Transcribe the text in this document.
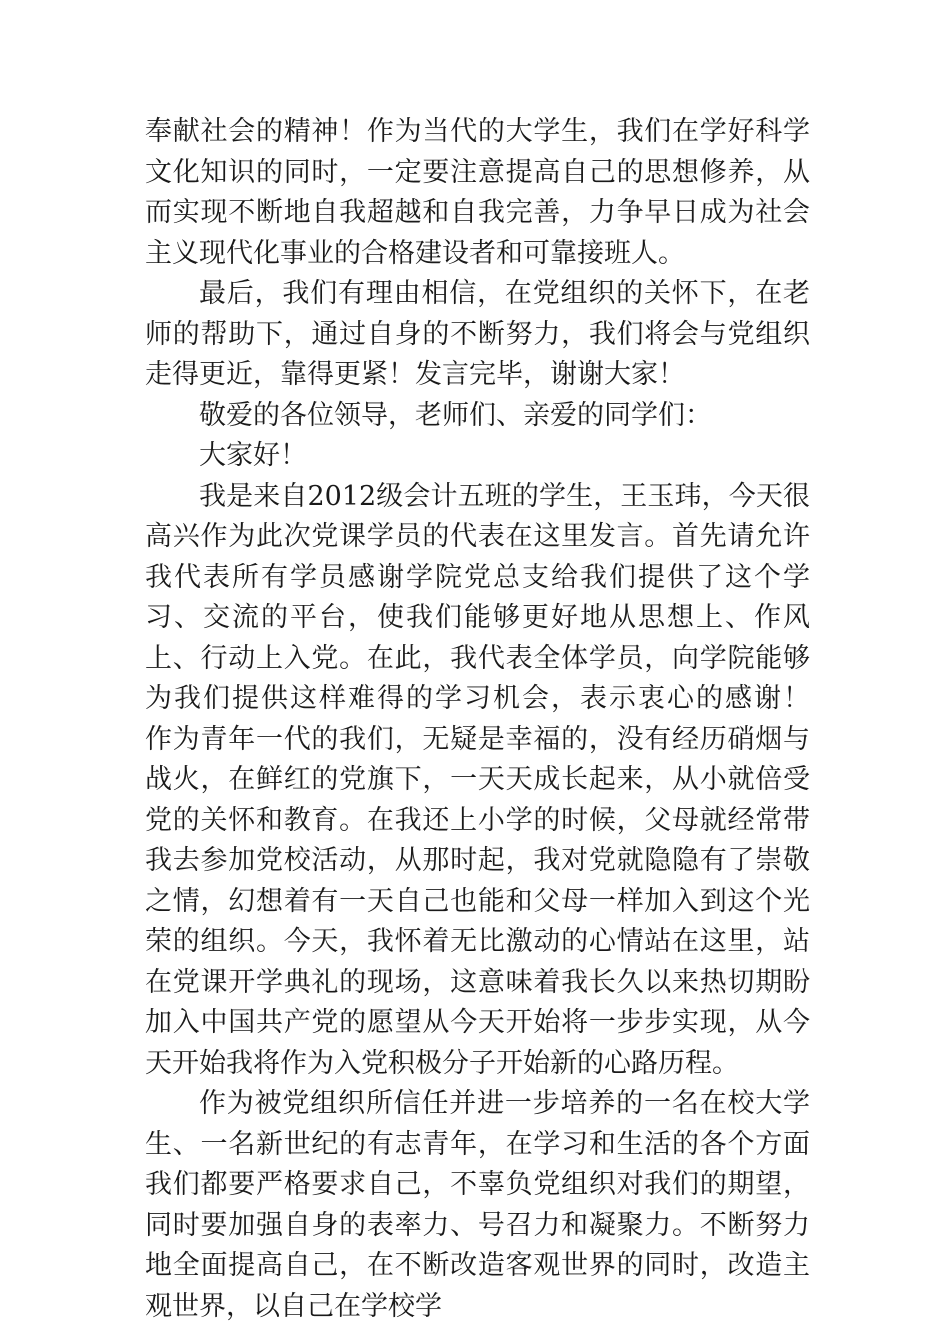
奉献社会的精神！作为当代的大学生，我们在学好科学文化知识的同时，一定要注意提高自己的思想修养，从而实现不断地自我超越和自我完善，力争早日成为社会主义现代化事业的合格建设者和可靠接班人。

最后，我们有理由相信，在党组织的关怀下，在老师的帮助下，通过自身的不断努力，我们将会与党组织走得更近，靠得更紧！发言完毕，谢谢大家！

敬爱的各位领导，老师们、亲爱的同学们：

大家好！

我是来自2012级会计五班的学生，王玉玮，今天很高兴作为此次党课学员的代表在这里发言。首先请允许我代表所有学员感谢学院党总支给我们提供了这个学习、交流的平台，使我们能够更好地从思想上、作风上、行动上入党。在此，我代表全体学员，向学院能够为我们提供这样难得的学习机会，表示衷心的感谢！　作为青年一代的我们，无疑是幸福的，没有经历硝烟与战火，在鲜红的党旗下，一天天成长起来，从小就倍受党的关怀和教育。在我还上小学的时候，父母就经常带我去参加党校活动，从那时起，我对党就隐隐有了崇敬之情，幻想着有一天自己也能和父母一样加入到这个光荣的组织。今天，我怀着无比激动的心情站在这里，站在党课开学典礼的现场，这意味着我长久以来热切期盼加入中国共产党的愿望从今天开始将一步步实现，从今天开始我将作为入党积极分子开始新的心路历程。

作为被党组织所信任并进一步培养的一名在校大学生、一名新世纪的有志青年，在学习和生活的各个方面我们都要严格要求自己，不辜负党组织对我们的期望，同时要加强自身的表率力、号召力和凝聚力。不断努力地全面提高自己，在不断改造客观世界的同时，改造主观世界，以自己在学校学
